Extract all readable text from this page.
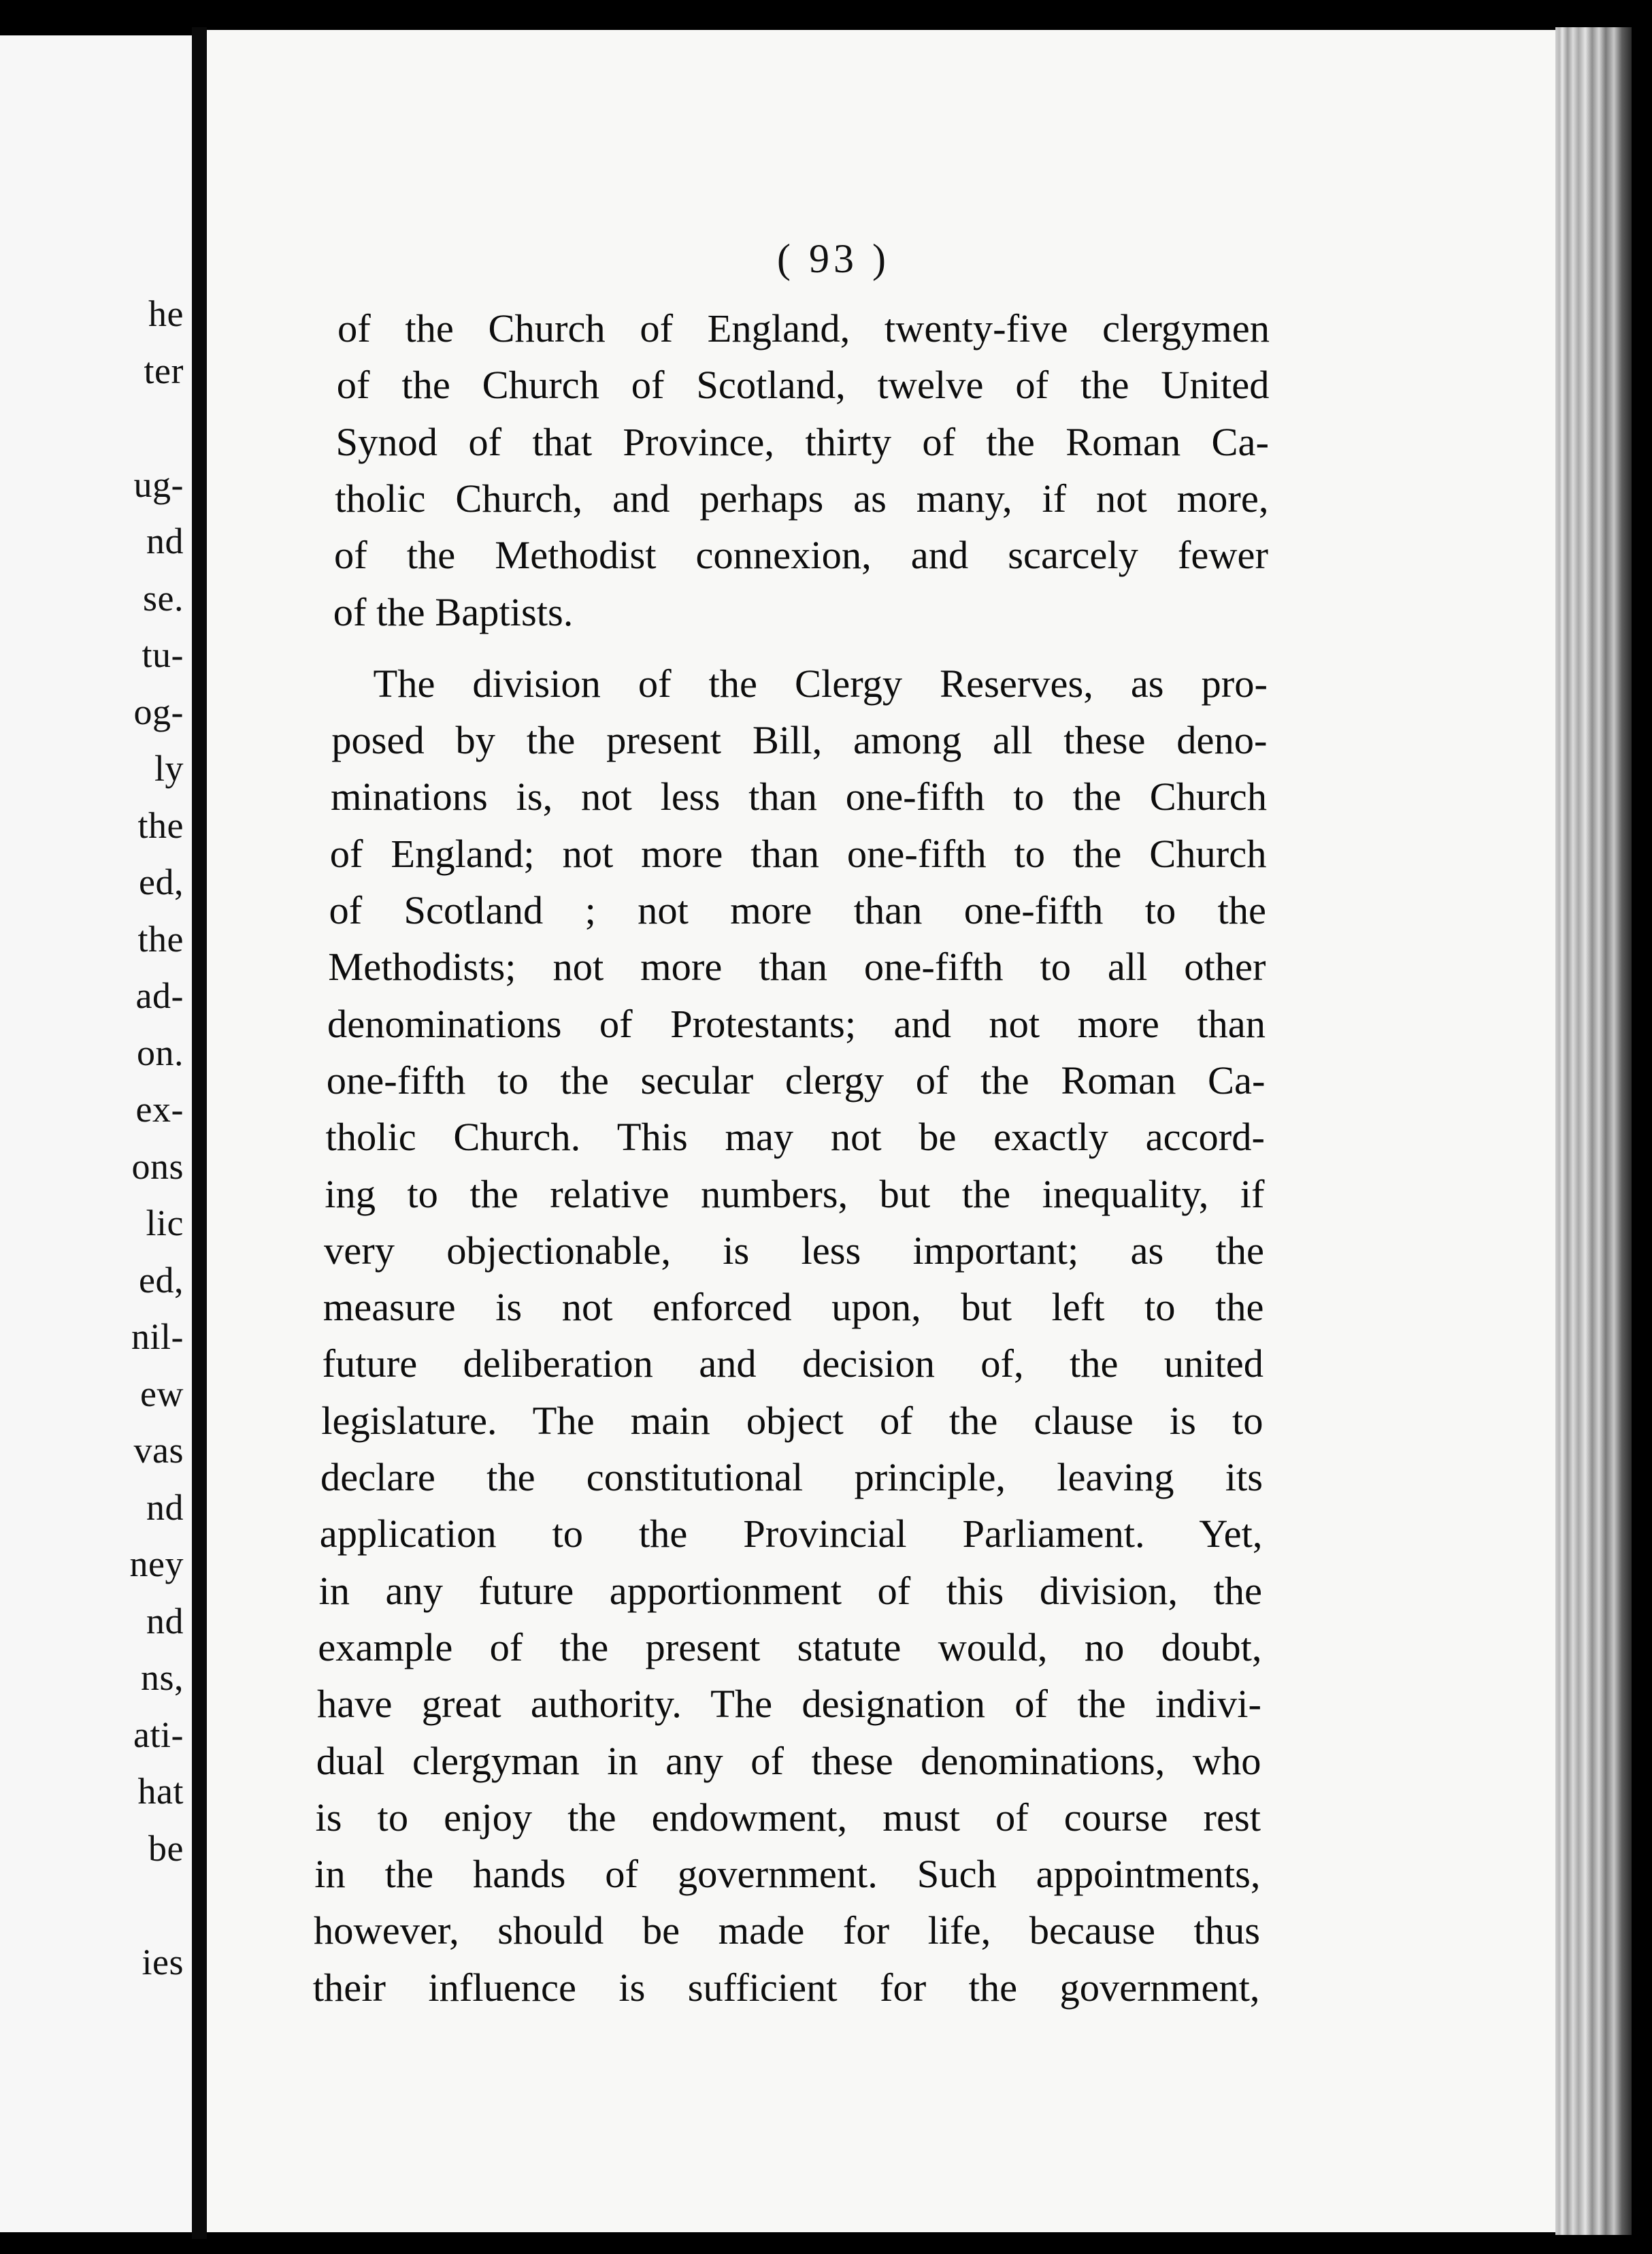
he
ter
ug-
nd
se.
tu-
og-
ly
the
ed,
the
ad-
on.
ex-
ons
lic
ed,
nil-
ew
vas
nd
ney
nd
ns,
ati-
hat
be
ies
( 93 )
of the Church of England, twenty-five clergymen
of the Church of Scotland, twelve of the United
Synod of that Province, thirty of the Roman Ca-
tholic Church, and perhaps as many, if not more,
of the Methodist connexion, and scarcely fewer
of the Baptists.
The division of the Clergy Reserves, as pro-
posed by the present Bill, among all these deno-
minations is, not less than one-fifth to the Church
of England; not more than one-fifth to the Church
of Scotland ; not more than one-fifth to the
Methodists; not more than one-fifth to all other
denominations of Protestants; and not more than
one-fifth to the secular clergy of the Roman Ca-
tholic Church. This may not be exactly accord-
ing to the relative numbers, but the inequality, if
very objectionable, is less important; as the
measure is not enforced upon, but left to the
future deliberation and decision of, the united
legislature. The main object of the clause is to
declare the constitutional principle, leaving its
application to the Provincial Parliament. Yet,
in any future apportionment of this division, the
example of the present statute would, no doubt,
have great authority. The designation of the indivi-
dual clergyman in any of these denominations, who
is to enjoy the endowment, must of course rest
in the hands of government. Such appointments,
however, should be made for life, because thus
their influence is sufficient for the government,
